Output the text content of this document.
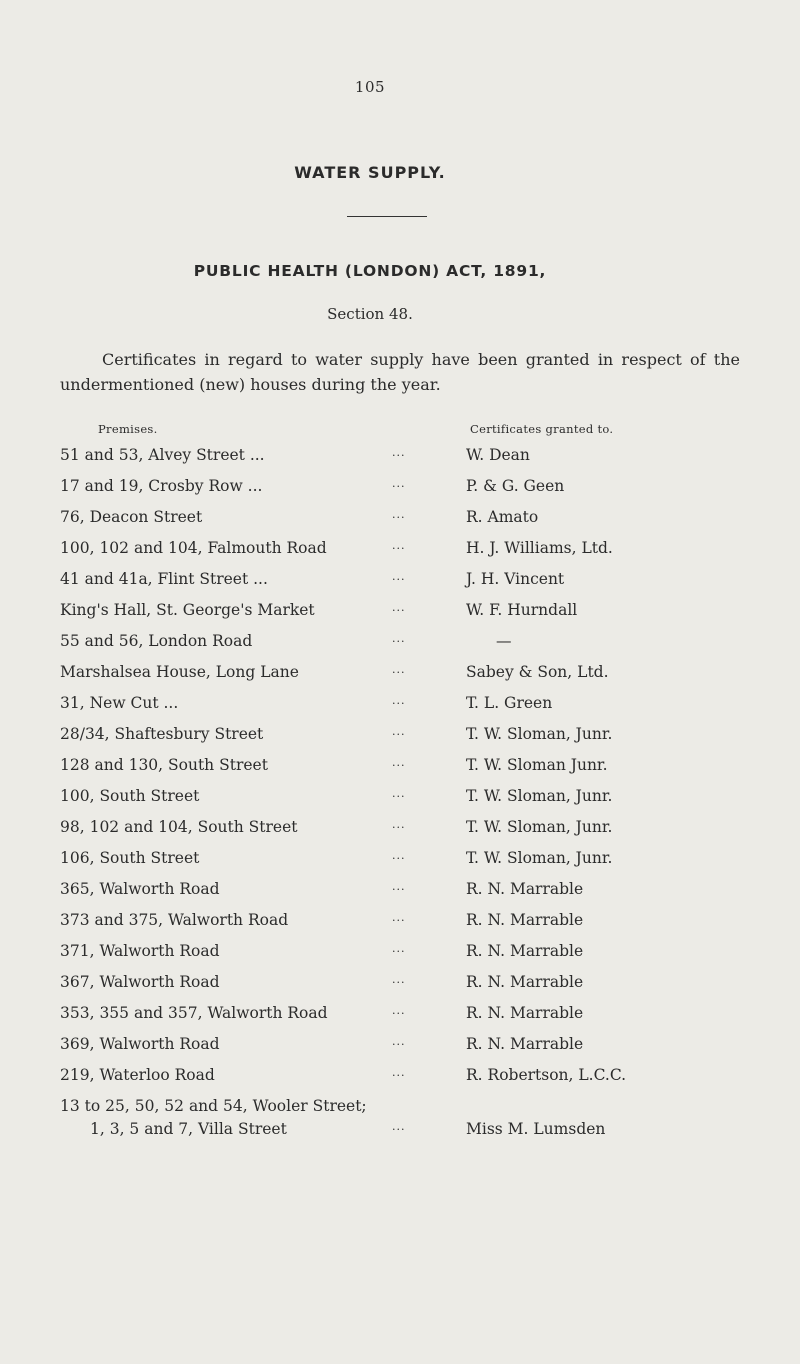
105
WATER SUPPLY.
PUBLIC HEALTH (LONDON) ACT, 1891,
Section 48.
Certificates in regard to water supply have been granted in respect of the undermentioned (new) houses during the year.
Premises.	Certificates granted to.
51 and 53, Alvey Street ...	...	W. Dean
17 and 19, Crosby Row ...	...	P. & G. Geen
76, Deacon Street	...	R. Amato
100, 102 and 104, Falmouth Road	...	H. J. Williams, Ltd.
41 and 41a, Flint Street ...	...	J. H. Vincent
King's Hall, St. George's Market	...	W. F. Hurndall
55 and 56, London Road	...	—
Marshalsea House, Long Lane	...	Sabey & Son, Ltd.
31, New Cut ...	...	T. L. Green
28/34, Shaftesbury Street	...	T. W. Sloman, Junr.
128 and 130, South Street	...	T. W. Sloman Junr.
100, South Street	...	T. W. Sloman, Junr.
98, 102 and 104, South Street	...	T. W. Sloman, Junr.
106, South Street	...	T. W. Sloman, Junr.
365, Walworth Road	...	R. N. Marrable
373 and 375, Walworth Road	...	R. N. Marrable
371, Walworth Road	...	R. N. Marrable
367, Walworth Road	...	R. N. Marrable
353, 355 and 357, Walworth Road	...	R. N. Marrable
369, Walworth Road	...	R. N. Marrable
219, Waterloo Road	...	R. Robertson, L.C.C.
13 to 25, 50, 52 and 54, Wooler Street;
1, 3, 5 and 7, Villa Street	...	Miss M. Lumsden
